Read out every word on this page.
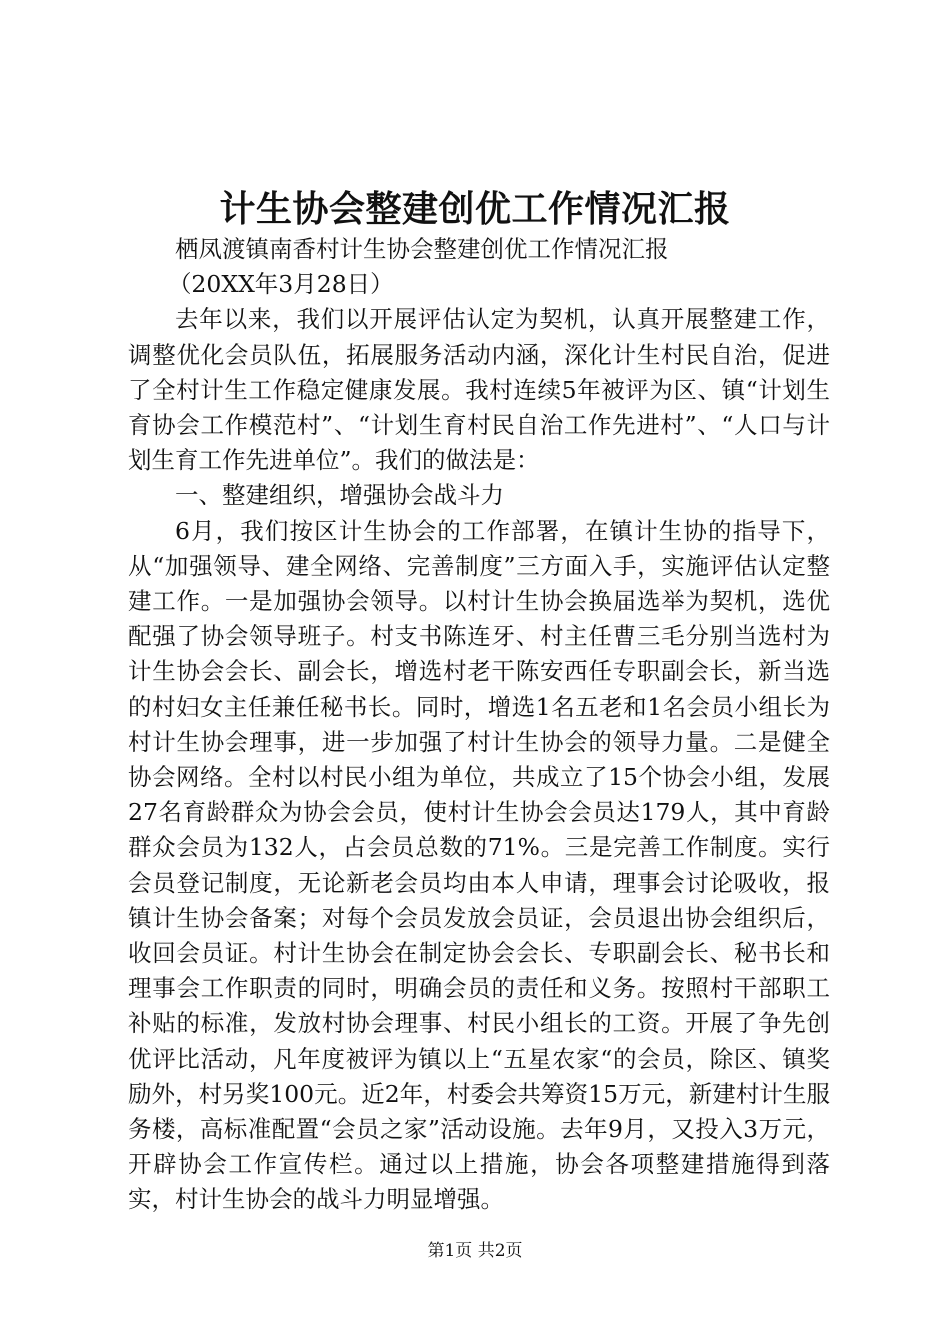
计生协会整建创优工作情况汇报

栖凤渡镇南香村计生协会整建创优工作情况汇报

（20XX年3月28日）

去年以来，我们以开展评估认定为契机，认真开展整建工作，调整优化会员队伍，拓展服务活动内涵，深化计生村民自治，促进了全村计生工作稳定健康发展。我村连续5年被评为区、镇“计划生育协会工作模范村”、“计划生育村民自治工作先进村”、“人口与计划生育工作先进单位”。我们的做法是：

一、整建组织，增强协会战斗力

6月，我们按区计生协会的工作部署，在镇计生协的指导下，从“加强领导、建全网络、完善制度”三方面入手，实施评估认定整建工作。一是加强协会领导。以村计生协会换届选举为契机，选优配强了协会领导班子。村支书陈连牙、村主任曹三毛分别当选村为计生协会会长、副会长，增选村老干陈安西任专职副会长，新当选的村妇女主任兼任秘书长。同时，增选1名五老和1名会员小组长为村计生协会理事，进一步加强了村计生协会的领导力量。二是健全协会网络。全村以村民小组为单位，共成立了15个协会小组，发展27名育龄群众为协会会员，使村计生协会会员达179人，其中育龄群众会员为132人，占会员总数的71%。三是完善工作制度。实行会员登记制度，无论新老会员均由本人申请，理事会讨论吸收，报镇计生协会备案；对每个会员发放会员证，会员退出协会组织后，收回会员证。村计生协会在制定协会会长、专职副会长、秘书长和理事会工作职责的同时，明确会员的责任和义务。按照村干部职工补贴的标准，发放村协会理事、村民小组长的工资。开展了争先创优评比活动，凡年度被评为镇以上“五星农家“的会员，除区、镇奖励外，村另奖100元。近2年，村委会共筹资15万元，新建村计生服务楼，高标准配置“会员之家”活动设施。去年9月，又投入3万元，开辟协会工作宣传栏。通过以上措施，协会各项整建措施得到落实，村计生协会的战斗力明显增强。

第1页 共2页
